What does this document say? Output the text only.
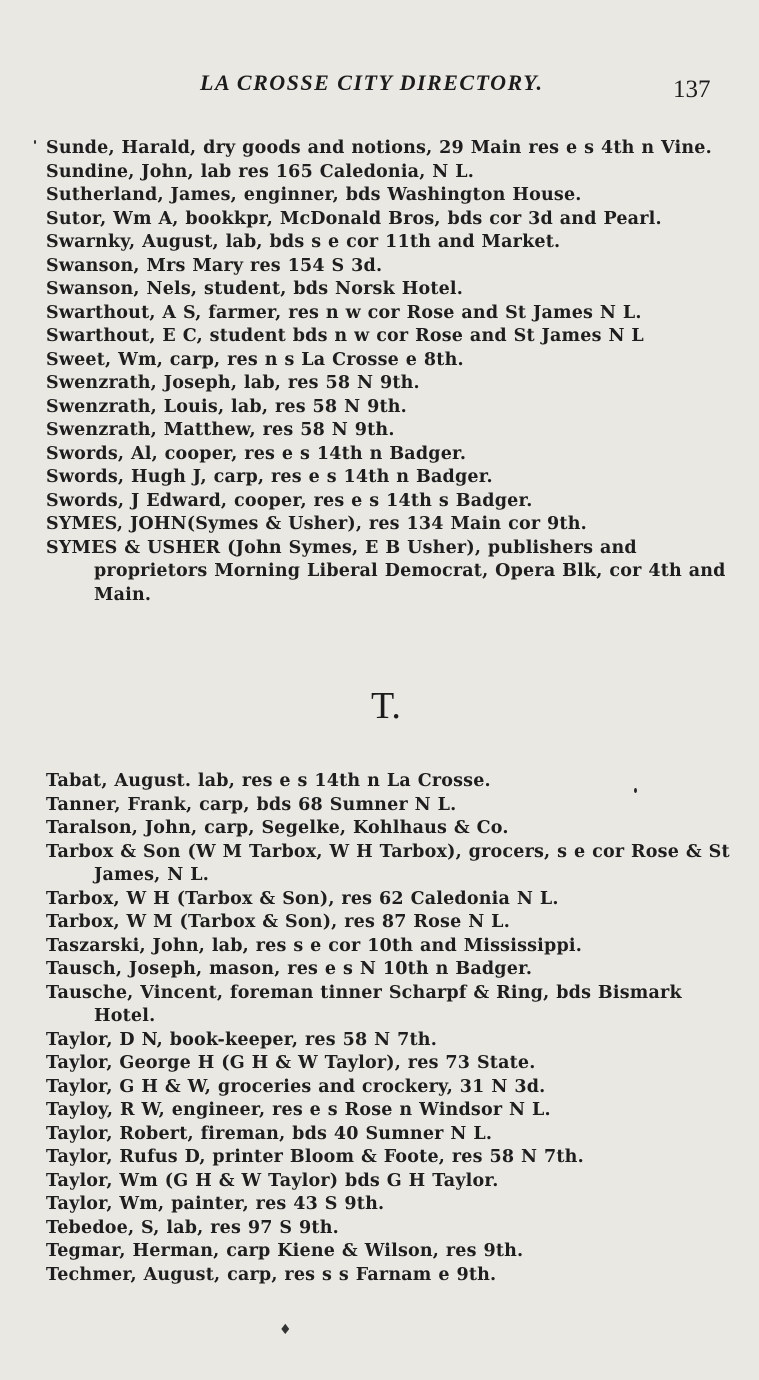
LA CROSSE CITY DIRECTORY.	137
Sunde, Harald, dry goods and notions, 29 Main res e s 4th n Vine.
Sundine, John, lab res 165 Caledonia, N L.
Sutherland, James, enginner, bds Washington House.
Sutor, Wm A, bookkpr, McDonald Bros, bds cor 3d and Pearl.
Swarnky, August, lab, bds s e cor 11th and Market.
Swanson, Mrs Mary res 154 S 3d.
Swanson, Nels, student, bds Norsk Hotel.
Swarthout, A S, farmer, res n w cor Rose and St James N L.
Swarthout, E C, student bds n w cor Rose and St James N L
Sweet, Wm, carp, res n s La Crosse e 8th.
Swenzrath, Joseph, lab, res 58 N 9th.
Swenzrath, Louis, lab, res 58 N 9th.
Swenzrath, Matthew, res 58 N 9th.
Swords, Al, cooper, res e s 14th n Badger.
Swords, Hugh J, carp, res e s 14th n Badger.
Swords, J Edward, cooper, res e s 14th s Badger.
SYMES, JOHN(Symes & Usher), res 134 Main cor 9th.
SYMES & USHER (John Symes, E B Usher), publishers and proprietors Morning Liberal Democrat, Opera Blk, cor 4th and Main.
T.
Tabat, August. lab, res e s 14th n La Crosse.
Tanner, Frank, carp, bds 68 Sumner N L.
Taralson, John, carp, Segelke, Kohlhaus & Co.
Tarbox & Son (W M Tarbox, W H Tarbox), grocers, s e cor Rose & St James, N L.
Tarbox, W H (Tarbox & Son), res 62 Caledonia N L.
Tarbox, W M (Tarbox & Son), res 87 Rose N L.
Taszarski, John, lab, res s e cor 10th and Mississippi.
Tausch, Joseph, mason, res e s N 10th n Badger.
Tausche, Vincent, foreman tinner Scharpf & Ring, bds Bismark Hotel.
Taylor, D N, book-keeper, res 58 N 7th.
Taylor, George H (G H & W Taylor), res 73 State.
Taylor, G H & W, groceries and crockery, 31 N 3d.
Tayloy, R W, engineer, res e s Rose n Windsor N L.
Taylor, Robert, fireman, bds 40 Sumner N L.
Taylor, Rufus D, printer Bloom & Foote, res 58 N 7th.
Taylor, Wm (G H & W Taylor) bds G H Taylor.
Taylor, Wm, painter, res 43 S 9th.
Tebedoe, S, lab, res 97 S 9th.
Tegmar, Herman, carp Kiene & Wilson, res 9th.
Techmer, August, carp, res s s Farnam e 9th.
♦
